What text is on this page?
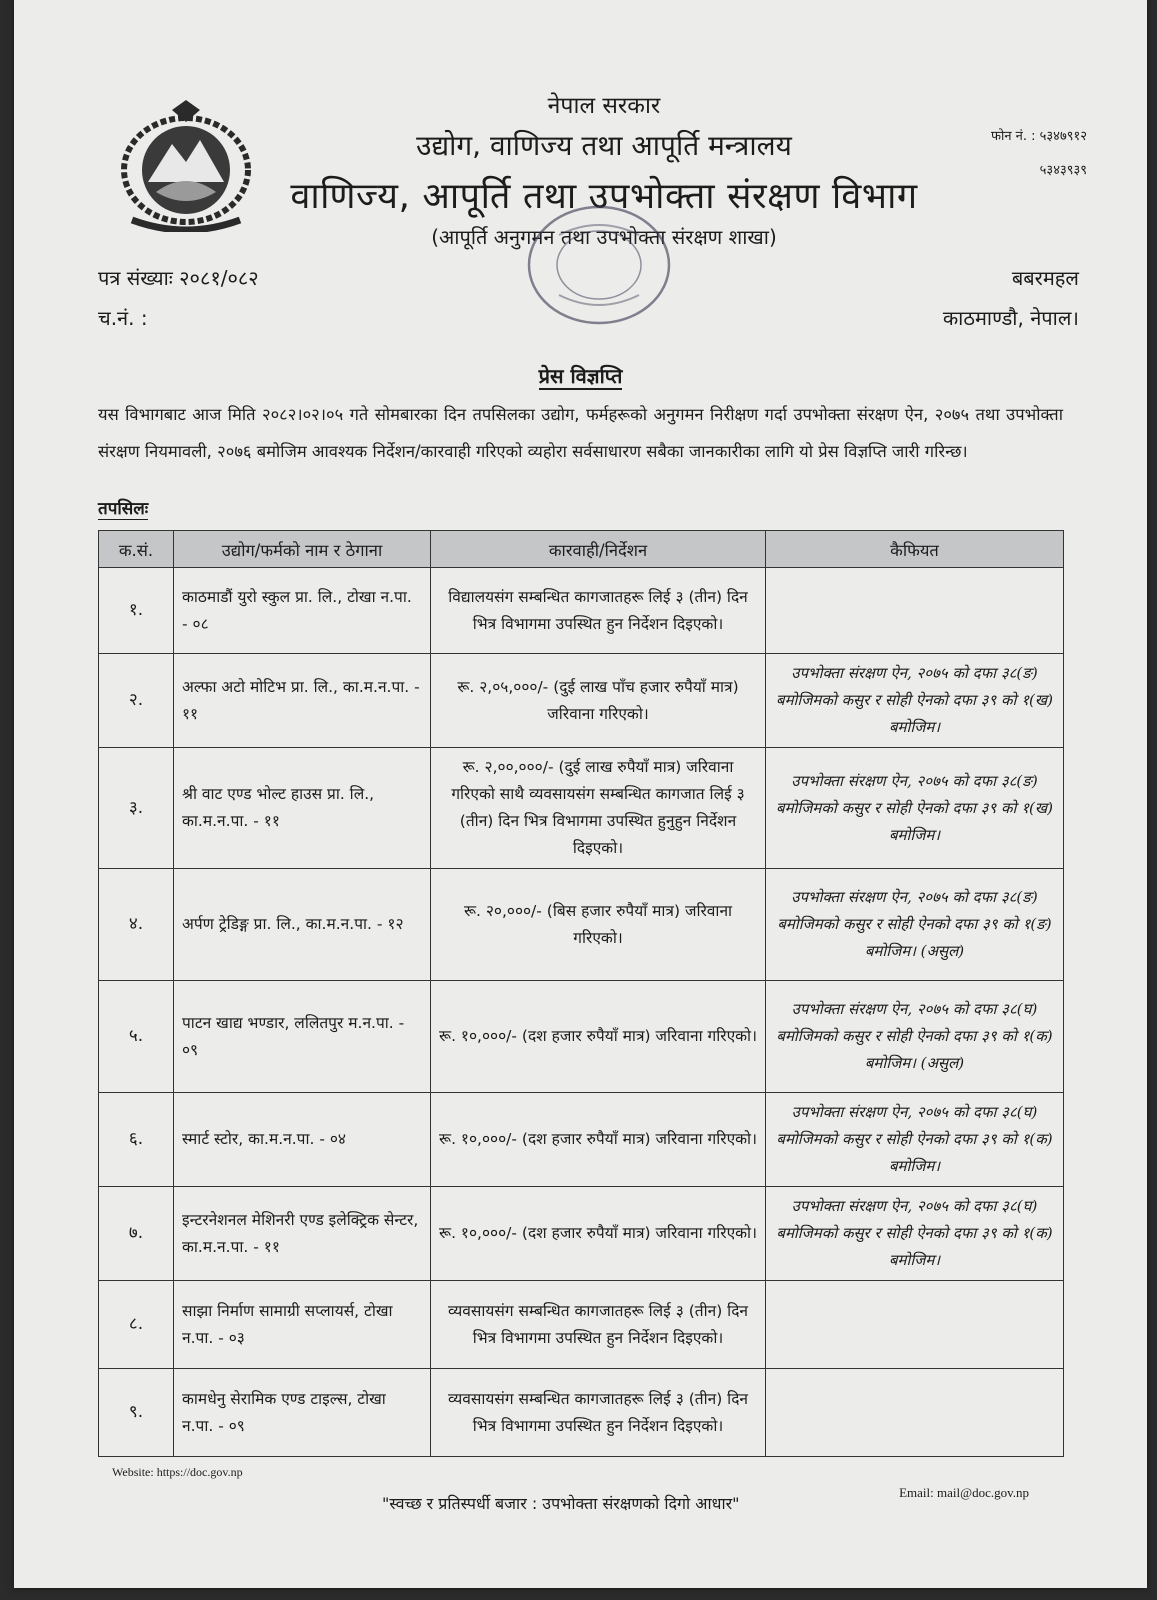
नेपाल सरकार
उद्योग, वाणिज्य तथा आपूर्ति मन्त्रालय
वाणिज्य, आपूर्ति तथा उपभोक्ता संरक्षण विभाग
(आपूर्ति अनुगमन तथा उपभोक्ता संरक्षण शाखा)
फोन नं. : ५३४७९१२
५३४३९३९
पत्र संख्याः २०८१/०८२
च.नं. :
बबरमहल
काठमाण्डौ, नेपाल।
प्रेस विज्ञप्ति
यस विभागबाट आज मिति २०८२।०२।०५ गते सोमबारका दिन तपसिलका उद्योग, फर्महरूको अनुगमन निरीक्षण गर्दा उपभोक्ता संरक्षण ऐन, २०७५ तथा उपभोक्ता संरक्षण नियमावली, २०७६ बमोजिम आवश्यक निर्देशन/कारवाही गरिएको व्यहोरा सर्वसाधारण सबैका जानकारीका लागि यो प्रेस विज्ञप्ति जारी गरिन्छ।
तपसिलः
क.सं.	उद्योग/फर्मको नाम र ठेगाना	कारवाही/निर्देशन	कैफियत
१.	काठमाडौं युरो स्कुल प्रा. लि., टोखा न.पा. - ०८	विद्यालयसंग सम्बन्धित कागजातहरू लिई ३ (तीन) दिन भित्र विभागमा उपस्थित हुन निर्देशन दिइएको।	
२.	अल्फा अटो मोटिभ प्रा. लि., का.म.न.पा. - ११	रू. २,०५,०००/- (दुई लाख पाँच हजार रुपैयाँ मात्र) जरिवाना गरिएको।	उपभोक्ता संरक्षण ऐन, २०७५ को दफा ३८(ङ) बमोजिमको कसुर र सोही ऐनको दफा ३९ को १(ख) बमोजिम।
३.	श्री वाट एण्ड भोल्ट हाउस प्रा. लि., का.म.न.पा. - ११	रू. २,००,०००/- (दुई लाख रुपैयाँ मात्र) जरिवाना गरिएको साथै व्यवसायसंग सम्बन्धित कागजात लिई ३ (तीन) दिन भित्र विभागमा उपस्थित हुनुहुन निर्देशन दिइएको।	उपभोक्ता संरक्षण ऐन, २०७५ को दफा ३८(ङ) बमोजिमको कसुर र सोही ऐनको दफा ३९ को १(ख) बमोजिम।
४.	अर्पण ट्रेडिङ्ग प्रा. लि., का.म.न.पा. - १२	रू. २०,०००/- (बिस हजार रुपैयाँ मात्र) जरिवाना गरिएको।	उपभोक्ता संरक्षण ऐन, २०७५ को दफा ३८(ङ) बमोजिमको कसुर र सोही ऐनको दफा ३९ को १(ङ) बमोजिम। (असुल)
५.	पाटन खाद्य भण्डार, ललितपुर म.न.पा. - ०९	रू. १०,०००/- (दश हजार रुपैयाँ मात्र) जरिवाना गरिएको।	उपभोक्ता संरक्षण ऐन, २०७५ को दफा ३८(घ) बमोजिमको कसुर र सोही ऐनको दफा ३९ को १(क) बमोजिम। (असुल)
६.	स्मार्ट स्टोर, का.म.न.पा. - ०४	रू. १०,०००/- (दश हजार रुपैयाँ मात्र) जरिवाना गरिएको।	उपभोक्ता संरक्षण ऐन, २०७५ को दफा ३८(घ) बमोजिमको कसुर र सोही ऐनको दफा ३९ को १(क) बमोजिम।
७.	इन्टरनेशनल मेशिनरी एण्ड इलेक्ट्रिक सेन्टर, का.म.न.पा. - ११	रू. १०,०००/- (दश हजार रुपैयाँ मात्र) जरिवाना गरिएको।	उपभोक्ता संरक्षण ऐन, २०७५ को दफा ३८(घ) बमोजिमको कसुर र सोही ऐनको दफा ३९ को १(क) बमोजिम।
८.	साझा निर्माण सामाग्री सप्लायर्स, टोखा न.पा. - ०३	व्यवसायसंग सम्बन्धित कागजातहरू लिई ३ (तीन) दिन भित्र विभागमा उपस्थित हुन निर्देशन दिइएको।	
९.	कामधेनु सेरामिक एण्ड टाइल्स, टोखा न.पा. - ०९	व्यवसायसंग सम्बन्धित कागजातहरू लिई ३ (तीन) दिन भित्र विभागमा उपस्थित हुन निर्देशन दिइएको।	
Website: https://doc.gov.np
"स्वच्छ र प्रतिस्पर्धी बजार : उपभोक्ता संरक्षणको दिगो आधार"
Email: mail@doc.gov.np
